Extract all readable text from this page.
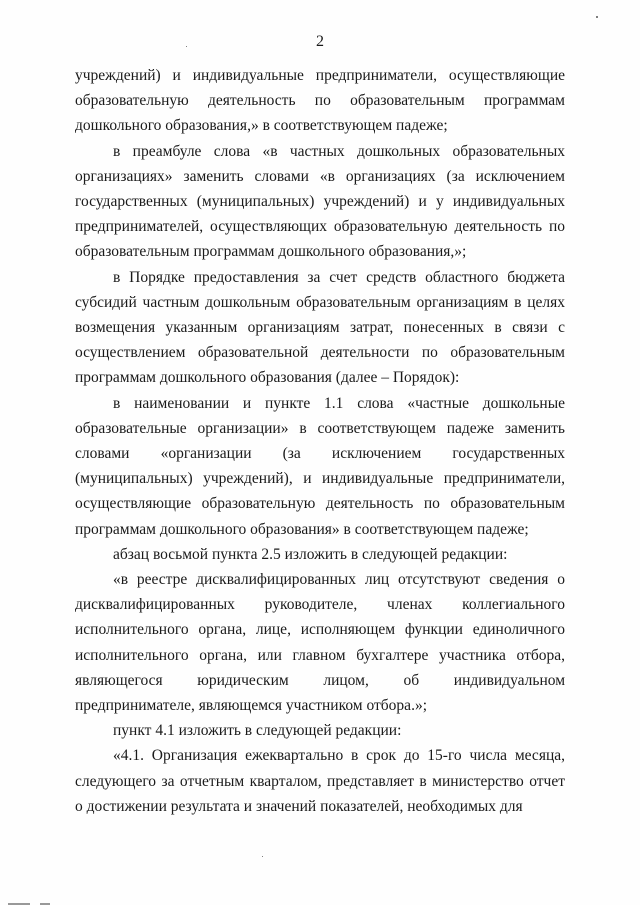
2

учреждений) и индивидуальные предприниматели, осуществляющие образовательную деятельность по образовательным программам дошкольного образования,» в соответствующем падеже;

в преамбуле слова «в частных дошкольных образовательных организациях» заменить словами «в организациях (за исключением государственных (муниципальных) учреждений) и у индивидуальных предпринимателей, осуществляющих образовательную деятельность по образовательным программам дошкольного образования,»;

в Порядке предоставления за счет средств областного бюджета субсидий частным дошкольным образовательным организациям в целях возмещения указанным организациям затрат, понесенных в связи с осуществлением образовательной деятельности по образовательным программам дошкольного образования (далее – Порядок):

в наименовании и пункте 1.1 слова «частные дошкольные образовательные организации» в соответствующем падеже заменить словами «организации (за исключением государственных (муниципальных) учреждений), и индивидуальные предприниматели, осуществляющие образовательную деятельность по образовательным программам дошкольного образования» в соответствующем падеже;

абзац восьмой пункта 2.5 изложить в следующей редакции:

«в реестре дисквалифицированных лиц отсутствуют сведения о дисквалифицированных руководителе, членах коллегиального исполнительного органа, лице, исполняющем функции единоличного исполнительного органа, или главном бухгалтере участника отбора, являющегося юридическим лицом, об индивидуальном предпринимателе, являющемся участником отбора.»;

пункт 4.1 изложить в следующей редакции:

«4.1. Организация ежеквартально в срок до 15-го числа месяца, следующего за отчетным кварталом, представляет в министерство отчет о достижении результата и значений показателей, необходимых для
